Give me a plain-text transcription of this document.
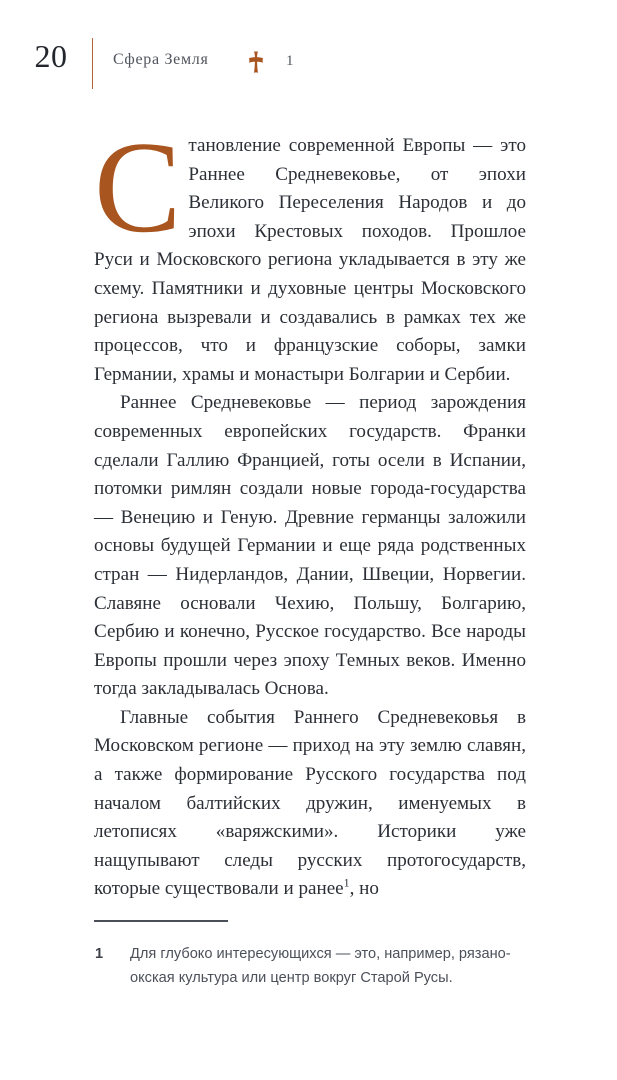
20	Сфера Земля	1

Становление современной Европы — это Раннее Средневековье, от эпохи Великого Переселения Народов и до эпохи Крестовых походов. Прошлое Руси и Московского региона укладывается в эту же схему. Памятники и духовные центры Московского региона вызревали и создавались в рамках тех же процессов, что и французские соборы, замки Германии, храмы и монастыри Болгарии и Сербии.

Раннее Средневековье — период зарождения современных европейских государств. Франки сделали Галлию Францией, готы осели в Испании, потомки римлян создали новые города-государства — Венецию и Геную. Древние германцы заложили основы будущей Германии и еще ряда родственных стран — Нидерландов, Дании, Швеции, Норвегии. Славяне основали Чехию, Польшу, Болгарию, Сербию и конечно, Русское государство. Все народы Европы прошли через эпоху Темных веков. Именно тогда закладывалась Основа.

Главные события Раннего Средневековья в Московском регионе — приход на эту землю славян, а также формирование Русского государства под началом балтийских дружин, именуемых в летописях «варяжскими». Историки уже нащупывают следы русских протогосударств, которые существовали и ранее$^1$, но

1 Для глубоко интересующихся — это, например, рязано-окская культура или центр вокруг Старой Русы.
